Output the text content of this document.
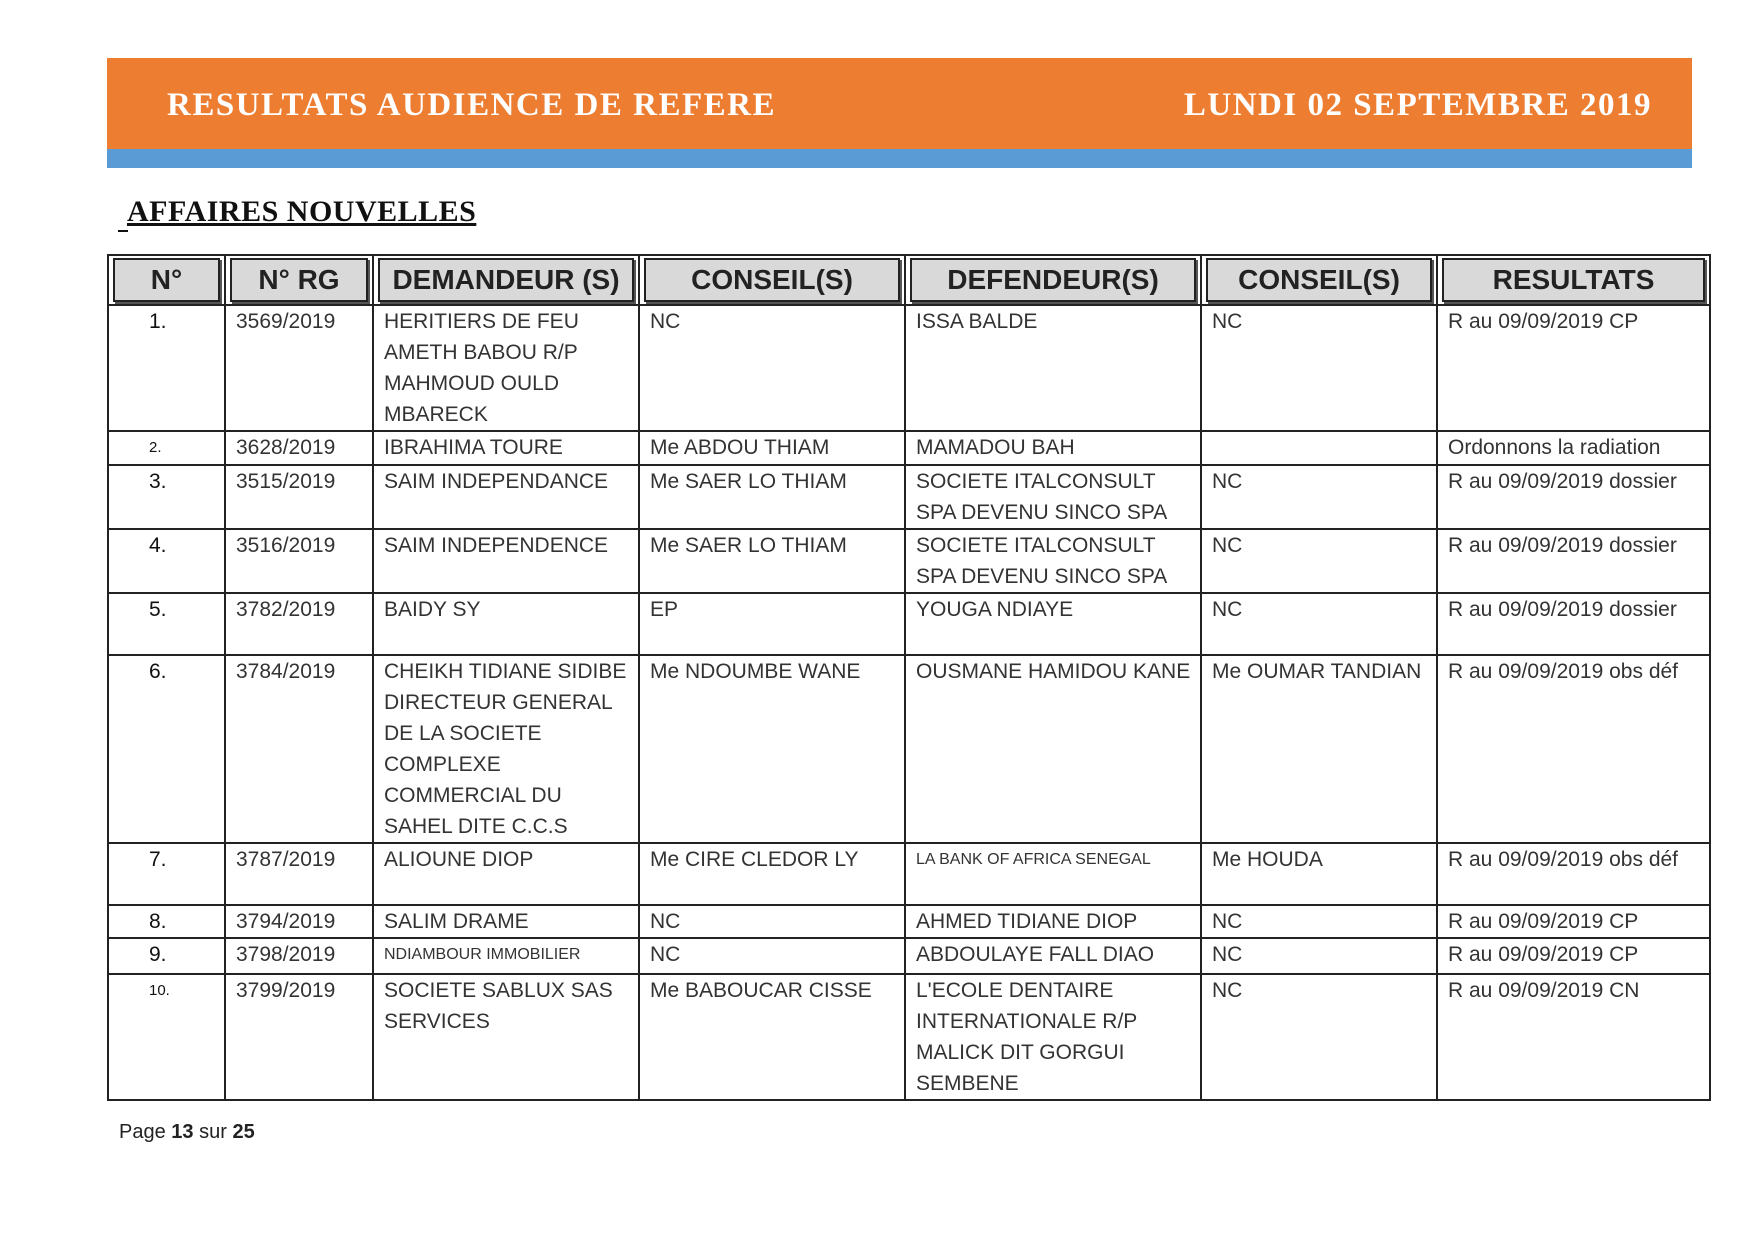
RESULTATS AUDIENCE DE REFERE	LUNDI 02 SEPTEMBRE 2019
AFFAIRES NOUVELLES
N°	N° RG	DEMANDEUR (S)	CONSEIL(S)	DEFENDEUR(S)	CONSEIL(S)	RESULTATS

1.	3569/2019	HERITIERS DE FEU AMETH BABOU R/P MAHMOUD OULD MBARECK	NC	ISSA BALDE	NC	R au 09/09/2019 CP
2.	3628/2019	IBRAHIMA TOURE	Me ABDOU THIAM	MAMADOU BAH		Ordonnons la radiation
3.	3515/2019	SAIM INDEPENDANCE	Me SAER LO THIAM	SOCIETE ITALCONSULT SPA DEVENU SINCO SPA	NC	R au 09/09/2019 dossier
4.	3516/2019	SAIM INDEPENDENCE	Me SAER LO THIAM	SOCIETE ITALCONSULT SPA DEVENU SINCO SPA	NC	R au 09/09/2019 dossier
5.	3782/2019	BAIDY SY	EP	YOUGA NDIAYE	NC	R au 09/09/2019 dossier
6.	3784/2019	CHEIKH TIDIANE SIDIBE DIRECTEUR GENERAL DE LA SOCIETE COMPLEXE COMMERCIAL DU SAHEL DITE C.C.S	Me NDOUMBE WANE	OUSMANE HAMIDOU KANE	Me OUMAR TANDIAN	R au 09/09/2019 obs déf
7.	3787/2019	ALIOUNE DIOP	Me CIRE CLEDOR LY	LA BANK OF AFRICA SENEGAL	Me HOUDA	R au 09/09/2019 obs déf
8.	3794/2019	SALIM DRAME	NC	AHMED TIDIANE DIOP	NC	R au 09/09/2019 CP
9.	3798/2019	NDIAMBOUR IMMOBILIER	NC	ABDOULAYE FALL DIAO	NC	R au 09/09/2019 CP
10.	3799/2019	SOCIETE SABLUX SAS SERVICES	Me BABOUCAR CISSE	L'ECOLE DENTAIRE INTERNATIONALE R/P MALICK DIT GORGUI SEMBENE	NC	R au 09/09/2019 CN
Page 13 sur 25
